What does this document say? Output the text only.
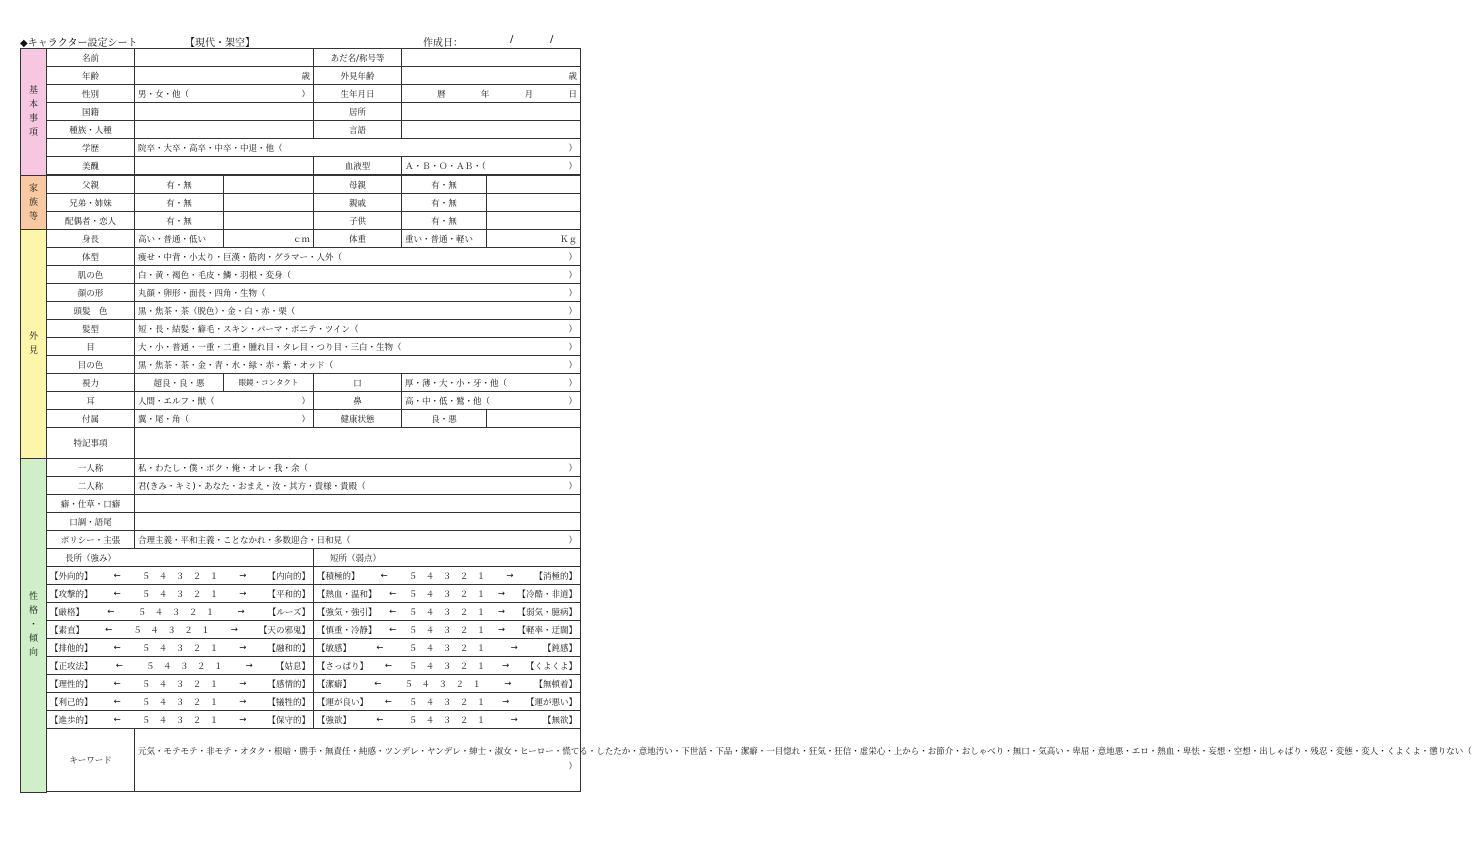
◆キャラクター設定シート	【現代・架空】	作成日：	/	/
基
本
事
項	名前			あだ名/称号等		
	年齢	歳		外見年齢	歳	
	性別	男・女・他（ ）		生年月日	暦 年 月 日	

	国籍			居所		
	種族・人種			言語		
	学歴	院卒・大卒・高卒・中卒・中退・他（ ）				

	美醜			血液型	Ａ・Ｂ・Ｏ・ＡＢ・（ ）	

家
族
等	父親	有・無		母親	有・無	
	兄弟・姉妹	有・無		親戚	有・無	
	配偶者・恋人	有・無		子供	有・無	
外
見	身長	高い・普通・低い	ｃｍ	体重	重い・普通・軽い	Ｋｇ
	体型	痩せ・中背・小太り・巨漢・筋肉・グラマー・人外（ ）				

	肌の色	白・黄・褐色・毛皮・鱗・羽根・変身（ ）				

	顔の形	丸顔・卵形・面長・四角・生物（ ）				

	頭髪　色	黒・焦茶・茶（脱色）・金・白・赤・栗（ ）				

	髪型	短・長・結髪・癖毛・スキン・パーマ・ポニテ・ツイン（ ）				

	目	大・小・普通・一重・二重・腫れ目・タレ目・つり目・三白・生物（ ）				

	目の色	黒・焦茶・茶・金・青・水・緑・赤・紫・オッド（ ）				

	視力	超良・良・悪	眼鏡・コンタクト	口	厚・薄・大・小・牙・他（ ）	

	耳	人間・エルフ・獣（ ）		鼻	高・中・低・鷲・他（ ）	

	付属	翼・尾・角（ ）		健康状態	良・悪	
	特記事項					

性
格
・
傾
向	一人称	私・わたし・僕・ボク・俺・オレ・我・余（ ）				

	二人称	君(きみ・キミ)・あなた・おまえ・汝・其方・貴様・貴殿（ ）				

	癖・仕草・口癖					
	口調・語尾					
	ポリシー・主張	合理主義・平和主義・ことなかれ・多数迎合・日和見（ ）				

	長所（強み）			短所（弱点）		

	【外向的】 ← ５　４　３　２　１ → 【内向的】			【積極的】 ← ５　４　３　２　１ → 【消極的】		

	【攻撃的】 ← ５　４　３　２　１ → 【平和的】			【熱血・温和】 ← ５　４　３　２　１ → 【冷酷・非道】		

	【厳格】 ← ５　４　３　２　１ → 【ルーズ】			【強気・強引】 ← ５　４　３　２　１ → 【弱気・臆病】		

	【素直】 ← ５　４　３　２　１ → 【天の邪鬼】			【慎重・冷静】 ← ５　４　３　２　１ → 【軽率・迂闊】		

	【排他的】 ← ５　４　３　２　１ → 【融和的】			【敏感】 ← ５　４　３　２　１ → 【鈍感】		

	【正攻法】 ← ５　４　３　２　１ → 【姑息】			【さっぱり】 ← ５　４　３　２　１ → 【くよくよ】		

	【理性的】 ← ５　４　３　２　１ → 【感情的】			【潔癖】 ← ５　４　３　２　１ → 【無頓着】		

	【利己的】 ← ５　４　３　２　１ → 【犠牲的】			【運が良い】 ← ５　４　３　２　１ → 【運が悪い】		

	【進歩的】 ← ５　４　３　２　１ → 【保守的】			【強欲】 ← ５　４　３　２　１ → 【無欲】		

	キーワード	元気・モテモテ・非モテ・オタク・根暗・勝手・無責任・純感・ツンデレ・ヤンデレ・紳士・淑女・ヒーロー・慌てる・したたか・意地汚い・下世話・下品・潔癖・一目惚れ・狂気・狂信・虚栄心・上から・お節介・おしゃべり・無口・気高い・卑屈・意地悪・エロ・熱血・卑怯・妄想・空想・出しゃばり・残忍・変態・変人・くよくよ・懲りない（
）				
